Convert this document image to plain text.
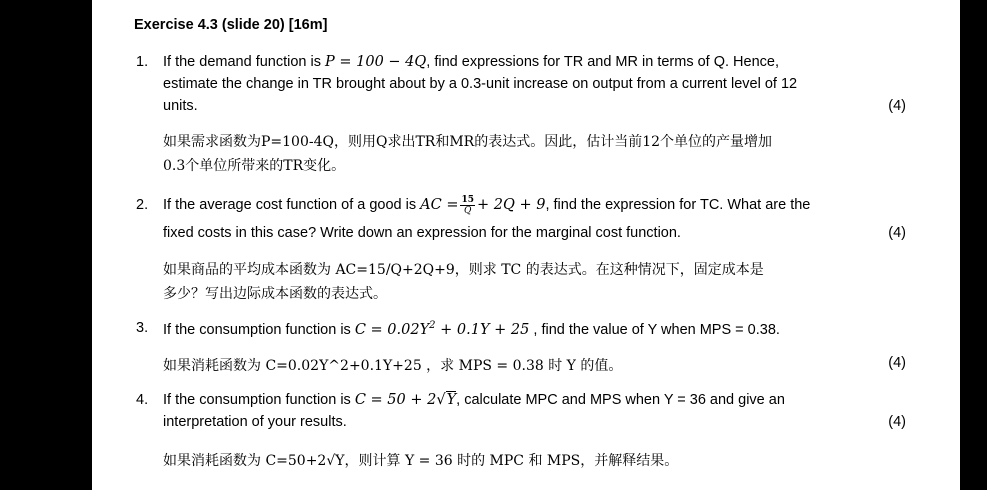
Exercise 4.3 (slide 20) [16m]
1. If the demand function is P = 100 − 4Q, find expressions for TR and MR in terms of Q. Hence,
estimate the change in TR brought about by a 0.3-unit increase on output from a current level of 12
units.	(4)
如果需求函数为P=100-4Q，则用Q求出TR和MR的表达式。因此，估计当前12个单位的产量增加
0.3个单位所带来的TR变化。
2. If the average cost function of a good is AC = $\frac{15}{Q} + 2Q + 9$, find the expression for TC. What are the
fixed costs in this case? Write down an expression for the marginal cost function.	(4)
如果商品的平均成本函数为 AC=15/Q+2Q+9，则求 TC 的表达式。在这种情况下，固定成本是
多少？写出边际成本函数的表达式。
3. If the consumption function is $C = 0.02Y^2 + 0.1Y + 25$ , find the value of Y when MPS = 0.38.
如果消耗函数为 C=0.02Y^2+0.1Y+25 ，求 MPS = 0.38 时 Y 的值。	(4)
4. If the consumption function is C = 50 + 2√Y, calculate MPC and MPS when Y = 36 and give an
interpretation of your results.	(4)
如果消耗函数为 C=50+2√Y，则计算 Y = 36 时的 MPC 和 MPS，并解释结果。
